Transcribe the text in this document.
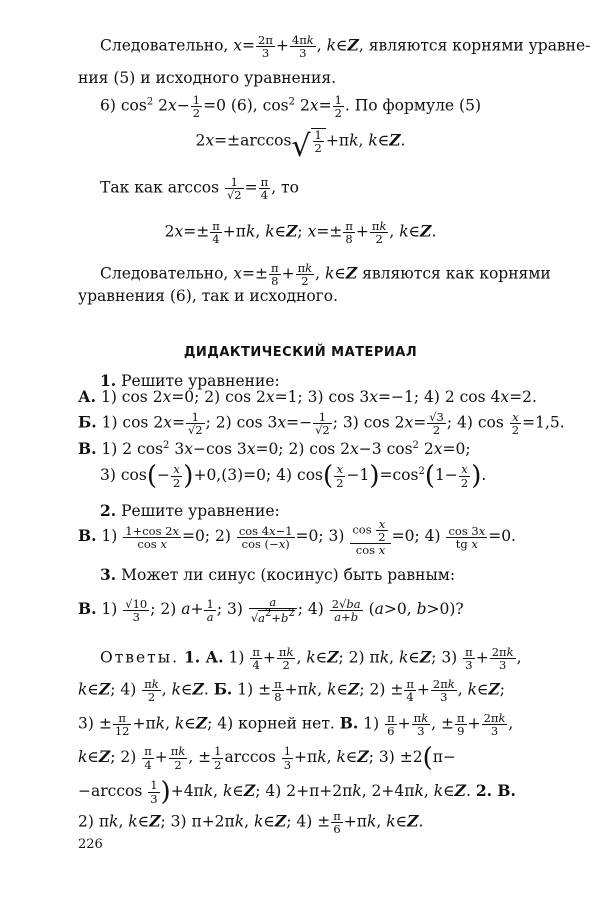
Следовательно, $x= \frac{2\pi}{3} + \frac{4\pi k}{3}$ , k∈Z, являются корнями уравне-
ния (5) и исходного уравнения.
6) $\cos^2 2x- \frac{1}{2} =0$ (6), $\cos^2 2x= \frac{1}{2}$ . По формуле (5)
$2x=\pm\arccos√ \frac{1}{2} +\pi k$, k∈Z.
Так как $\arccos \frac{1}{√2} = \frac{\pi}{4}$ , то
$2x=\pm \frac{\pi}{4} +\pi k$, k∈Z; $x=\pm \frac{\pi}{8} + \frac{\pi k}{2}$ , k∈Z.
Следовательно, $x=\pm \frac{\pi}{8} + \frac{\pi k}{2}$ , k∈Z являются как корнями
уравнения (6), так и исходного.
ДИДАКТИЧЕСКИЙ МАТЕРИАЛ
1. Решите уравнение:
А. 1) cos 2x=0; 2) cos 2x=1; 3) cos 3x=−1; 4) 2 cos 4x=2.
Б. 1) $\cos 2x= \frac{1}{√2}$ ; 2) $\cos 3x=- \frac{1}{√2}$ ; 3) $\cos 2x= \frac{√3}{2}$ ; 4) $\cos \frac{x}{2} =1,5$.
В. 1) 2 $\cos^2 3x-\cos$ 3x=0; 2) cos 2x−3 $\cos^2 2x=0$;
3) $\cos(- \frac{x}{2} )+0,(3)=0$; 4) $\cos( \frac{x}{2} -1)=\cos^2(1- \frac{x}{2}$ ).
2. Решите уравнение:
В. $1) \frac{1+\cos 2x}{\text{cos x}} =0$; $2) \frac{\cos 4x-1}{\cos (-x)} =0$; $3) \frac{\cos \frac{x}{2}}{\text{cos x}} =0$; $4) \frac{\cos 3x}{\text{tg x}} =0$.
3. Может ли синус (косинус) быть равным:
В. $1) \frac{√10}{3}$ ; 2) $a+ \frac{1}{a}$ ; $3) \frac{a}{√a^2+b^2}$ ; $4) \frac{2√ba}{a+b} (a>0$, b>0)?
Ответы. 1. А. $1) \frac{\pi}{4} + \frac{\pi k}{2}$ , k∈Z; 2) πk, k∈Z; $3) \frac{\pi}{3} + \frac{2\pi k}{3}$ ,
k∈Z; $4) \frac{\pi k}{2}$ , k∈Z. Б. $1) \pm \frac{\pi}{8} +\pi k$, k∈Z; $2) \pm \frac{\pi}{4} + \frac{2\pi k}{3}$ , k∈Z;
$3) \pm \frac{\pi}{12} +\pi k$, k∈Z; 4) корней нет. В. $1) \frac{\pi}{6} + \frac{\pi k}{3}$ , ± $\frac{\pi}{9} + \frac{2\pi k}{3}$ ,
k∈Z; $2) \frac{\pi}{4} + \frac{\pi k}{2}$ , ± $\frac{1}{2}$ $\arccos \frac{1}{3} +\pi k$, k∈Z; 3) ±2(π−
$-\arccos \frac{1}{3} )+4\pi k$, k∈Z; 4) 2+π+2πk, 2+4πk, k∈Z. 2. В.
2) πk, k∈Z; 3) π+2πk, k∈Z; $4) \pm \frac{\pi}{6} +\pi k$, k∈Z.
226
